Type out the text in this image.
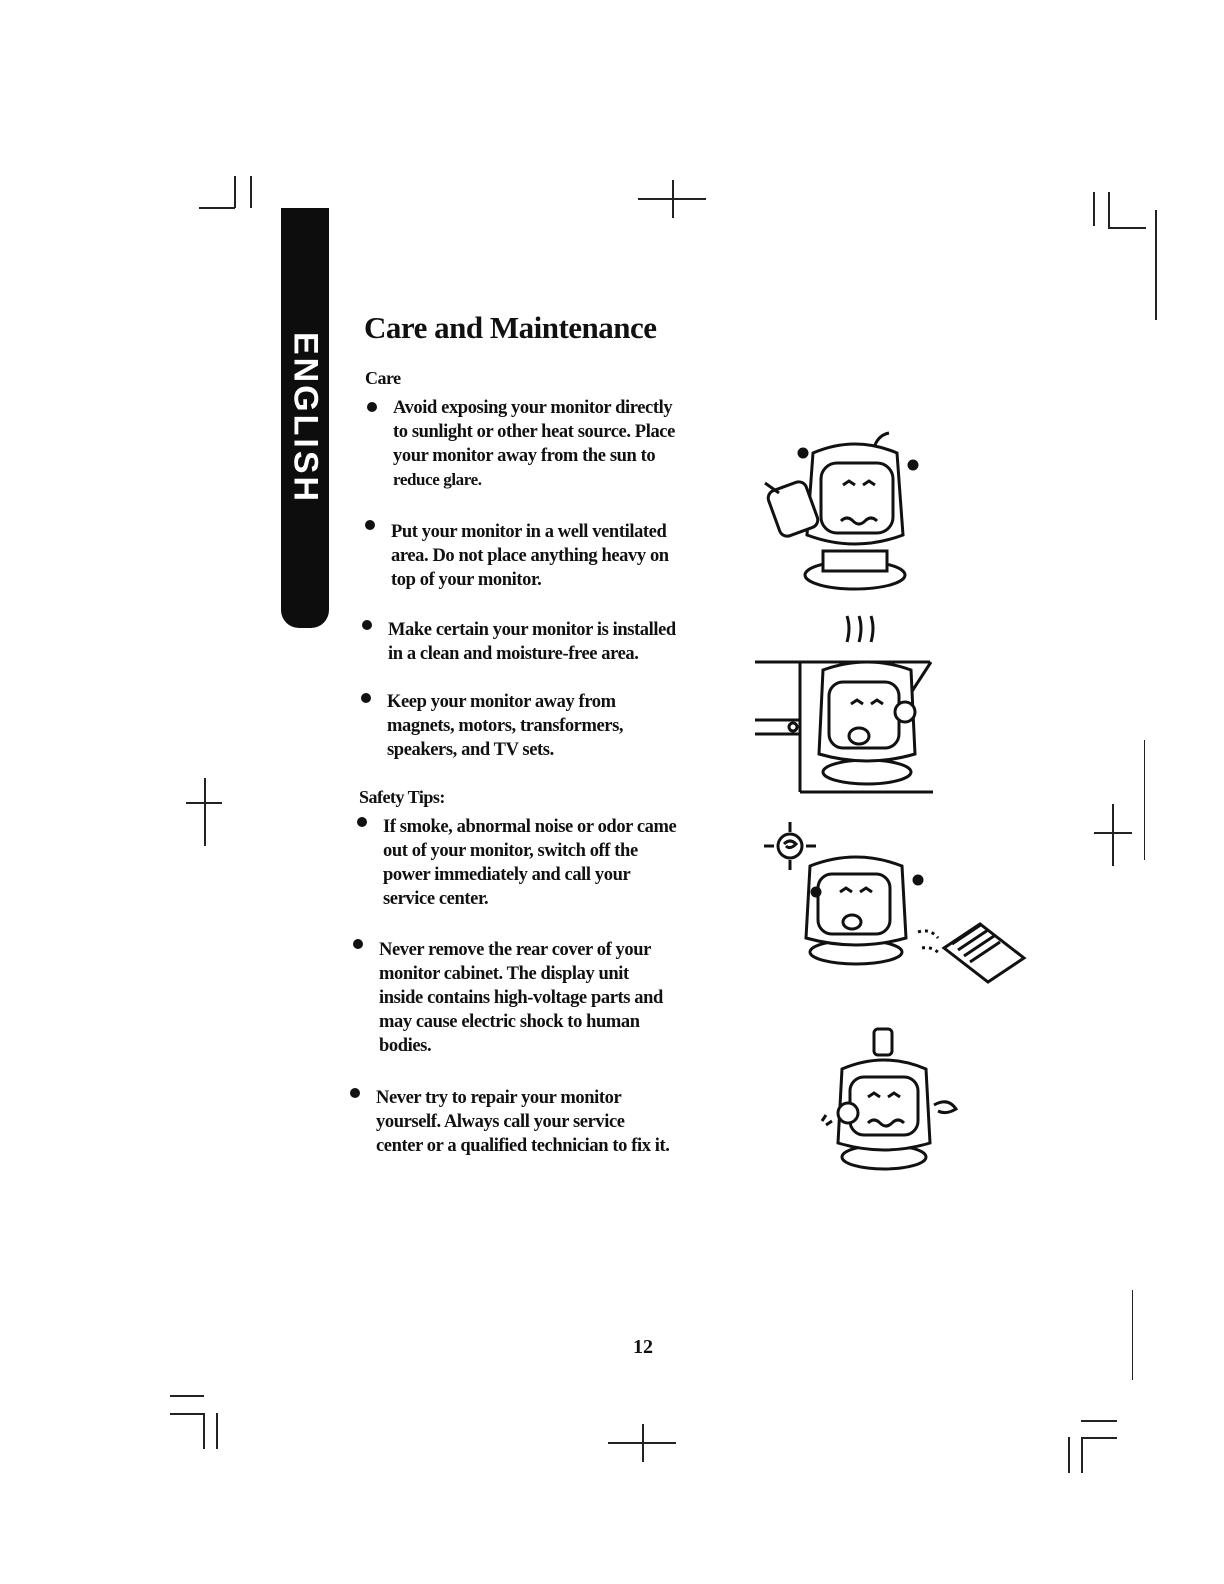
ENGLISH
Care and Maintenance
Care
Avoid exposing your monitor directly
to sunlight or other heat source. Place
your monitor away from the sun to
reduce glare.
Put your monitor in a well ventilated
area. Do not place anything heavy on
top of your monitor.
Make certain your monitor is installed
in a clean and moisture-free area.
Keep your monitor away from
magnets, motors, transformers,
speakers, and TV sets.
Safety Tips:
If smoke, abnormal noise or odor came
out of your monitor, switch off the
power immediately and call your
service center.
Never remove the rear cover of your
monitor cabinet. The display unit
inside contains high-voltage parts and
may cause electric shock to human
bodies.
Never try to repair your monitor
yourself. Always call your service
center or a qualified technician to fix it.
12
